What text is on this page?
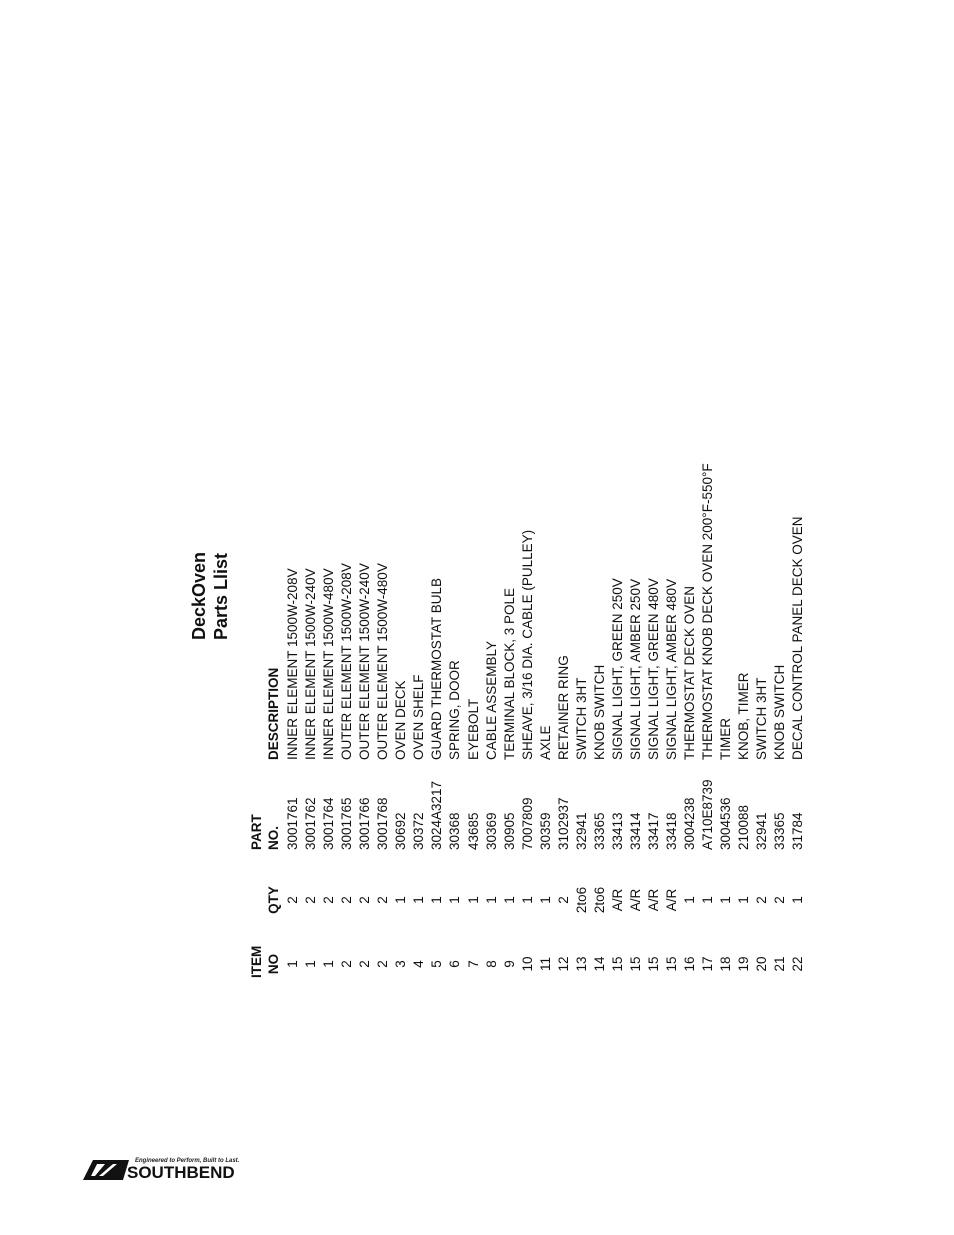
DeckOven Parts Llist
ITEM NO
QTY
PART NO.
DESCRIPTION
1
2
3001761
INNER ELEMENT 1500W-208V
1
2
3001762
INNER ELEMENT 1500W-240V
1
2
3001764
INNER ELEMENT 1500W-480V
2
2
3001765
OUTER ELEMENT 1500W-208V
2
2
3001766
OUTER ELEMENT 1500W-240V
2
2
3001768
OUTER ELEMENT 1500W-480V
3
1
30692
OVEN DECK
4
1
30372
OVEN SHELF
5
1
3024A3217
GUARD THERMOSTAT BULB
6
1
30368
SPRING, DOOR
7
1
43685
EYEBOLT
8
1
30369
CABLE ASSEMBLY
9
1
30905
TERMINAL BLOCK, 3 POLE
10
1
7007809
SHEAVE, 3/16 DIA. CABLE (PULLEY)
11
1
30359
AXLE
12
2
3102937
RETAINER RING
13
2to6
32941
SWITCH 3HT
14
2to6
33365
KNOB SWITCH
15
A/R
33413
SIGNAL LIGHT, GREEN 250V
15
A/R
33414
SIGNAL LIGHT, AMBER 250V
15
A/R
33417
SIGNAL LIGHT, GREEN 480V
15
A/R
33418
SIGNAL LIGHT, AMBER 480V
16
1
3004238
THERMOSTAT DECK OVEN
17
1
A710E8739
THERMOSTAT KNOB DECK OVEN 200°F-550°F
18
1
3004536
TIMER
19
1
210088
KNOB, TIMER
20
2
32941
SWITCH 3HT
21
2
33365
KNOB SWITCH
22
1
31784
DECAL CONTROL PANEL DECK OVEN
Engineered to Perform, Built to Last.
SOUTHBEND
